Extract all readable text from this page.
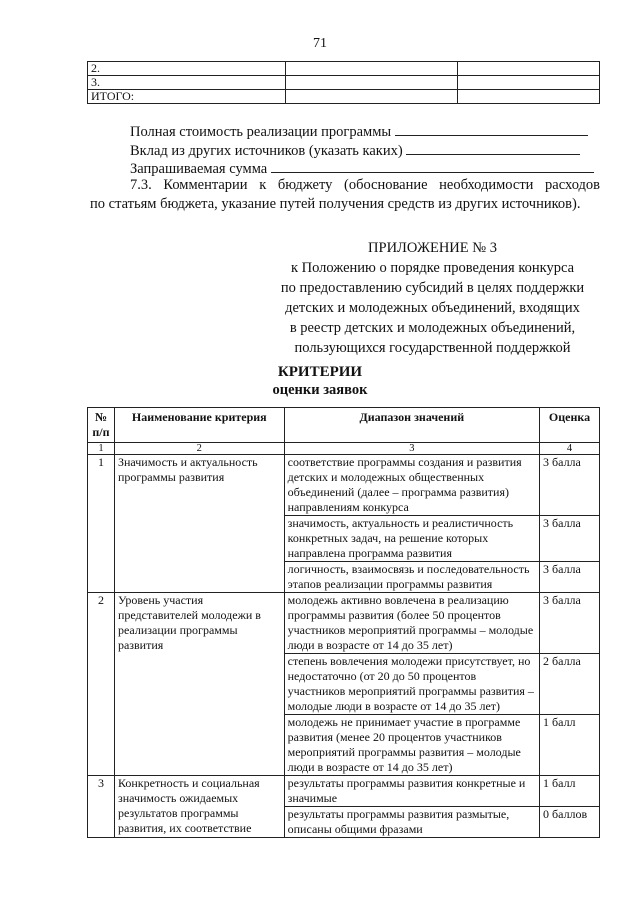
71
2.		
3.		
ИТОГО:		
Полная стоимость реализации программы
Вклад из других источников (указать каких)
Запрашиваемая сумма
7.3. Комментарии к бюджету (обоснование необходимости расходов
по статьям бюджета, указание путей получения средств из других источников).
ПРИЛОЖЕНИЕ № 3
к Положению о порядке проведения конкурса
по предоставлению субсидий в целях поддержки
детских и молодежных объединений, входящих
в реестр детских и молодежных объединений,
пользующихся государственной поддержкой
КРИТЕРИИ
оценки заявок
№ п/п	Наименование критерия	Диапазон значений	Оценка
1	2	3	4
1	Значимость и актуальность программы развития	соответствие программы создания и развития детских и молодежных общественных объединений (далее – программа развития) направлениям конкурса	3 балла
		значимость, актуальность и реалистичность конкретных задач, на решение которых направлена программа развития	3 балла
		логичность, взаимосвязь и последовательность этапов реализации программы развития	3 балла
2	Уровень участия представителей молодежи в реализации программы развития	молодежь активно вовлечена в реализацию программы развития (более 50 процентов участников мероприятий программы – молодые люди в возрасте от 14 до 35 лет)	3 балла
		степень вовлечения молодежи присутствует, но недостаточно (от 20 до 50 процентов участников мероприятий программы развития – молодые люди в возрасте от 14 до 35 лет)	2 балла
		молодежь не принимает участие в программе развития (менее 20 процентов участников мероприятий программы развития – молодые люди в возрасте от 14 до 35 лет)	1 балл
3	Конкретность и социальная значимость ожидаемых результатов программы развития, их соответствие	результаты программы развития конкретные и значимые	1 балл
		результаты программы развития размытые, описаны общими фразами	0 баллов
